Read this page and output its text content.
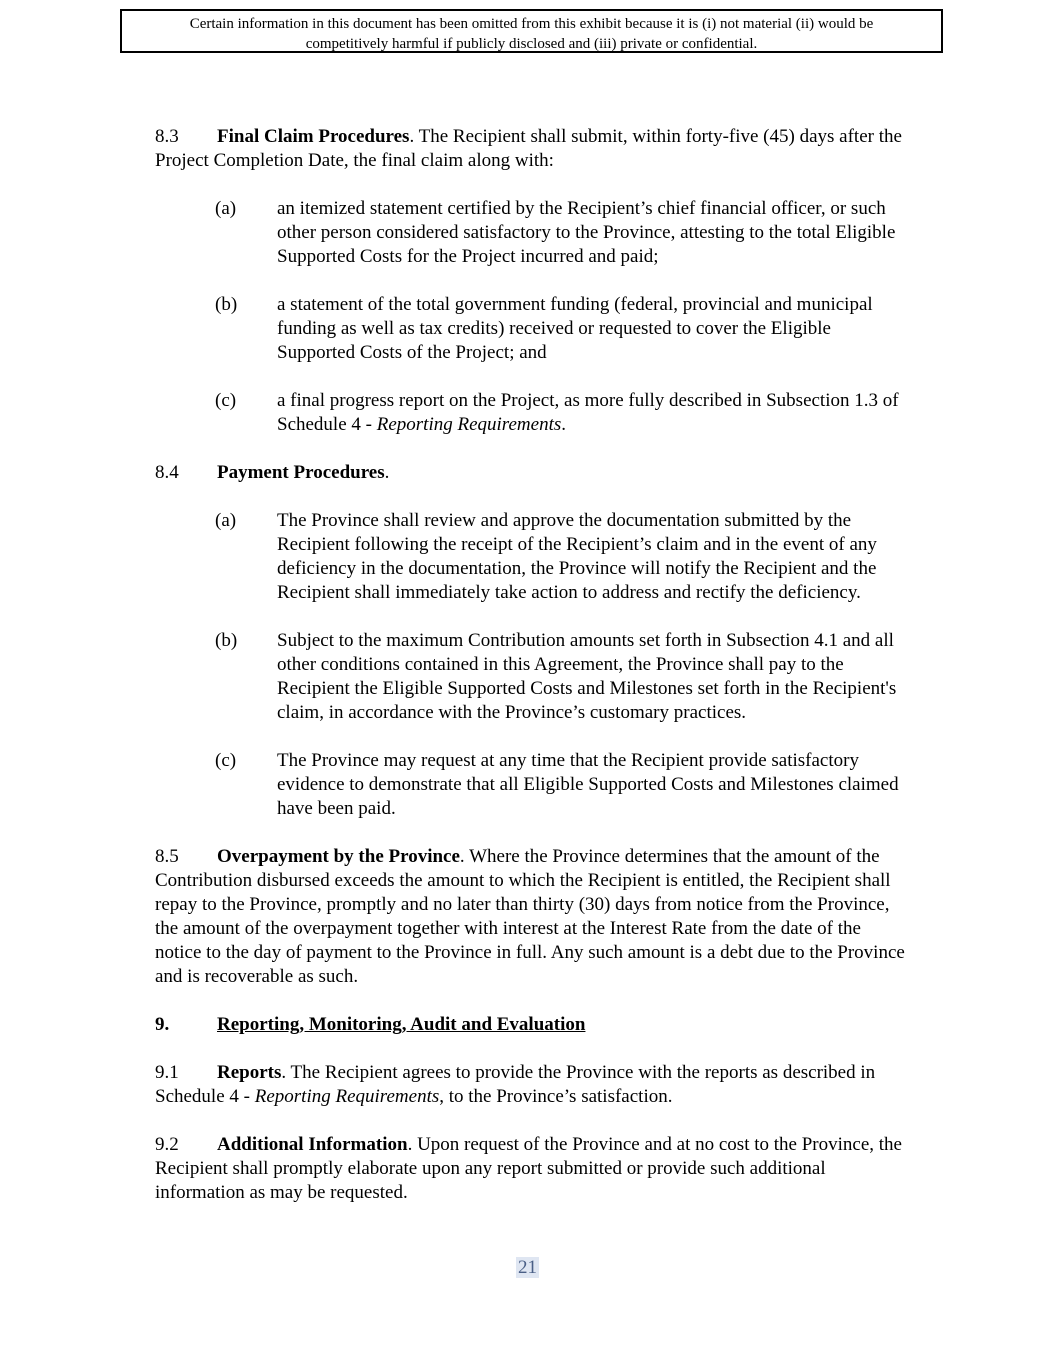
Certain information in this document has been omitted from this exhibit because it is (i) not material (ii) would be
competitively harmful if publicly disclosed and (iii) private or confidential.

8.3 Final Claim Procedures. The Recipient shall submit, within forty-five (45) days after the Project Completion Date, the final claim along with:

(a) an itemized statement certified by the Recipient’s chief financial officer, or such other person considered satisfactory to the Province, attesting to the total Eligible Supported Costs for the Project incurred and paid;
(b) a statement of the total government funding (federal, provincial and municipal funding as well as tax credits) received or requested to cover the Eligible Supported Costs of the Project; and
(c) a final progress report on the Project, as more fully described in Subsection 1.3 of Schedule 4 - Reporting Requirements.

8.4 Payment Procedures.

(a) The Province shall review and approve the documentation submitted by the Recipient following the receipt of the Recipient’s claim and in the event of any deficiency in the documentation, the Province will notify the Recipient and the Recipient shall immediately take action to address and rectify the deficiency.
(b) Subject to the maximum Contribution amounts set forth in Subsection 4.1 and all other conditions contained in this Agreement, the Province shall pay to the Recipient the Eligible Supported Costs and Milestones set forth in the Recipient's claim, in accordance with the Province’s customary practices.
(c) The Province may request at any time that the Recipient provide satisfactory evidence to demonstrate that all Eligible Supported Costs and Milestones claimed have been paid.

8.5 Overpayment by the Province. Where the Province determines that the amount of the Contribution disbursed exceeds the amount to which the Recipient is entitled, the Recipient shall repay to the Province, promptly and no later than thirty (30) days from notice from the Province, the amount of the overpayment together with interest at the Interest Rate from the date of the notice to the day of payment to the Province in full. Any such amount is a debt due to the Province and is recoverable as such.

9.	Reporting, Monitoring, Audit and Evaluation

9.1 Reports. The Recipient agrees to provide the Province with the reports as described in Schedule 4 - Reporting Requirements, to the Province’s satisfaction.

9.2 Additional Information. Upon request of the Province and at no cost to the Province, the Recipient shall promptly elaborate upon any report submitted or provide such additional information as may be requested.

21
